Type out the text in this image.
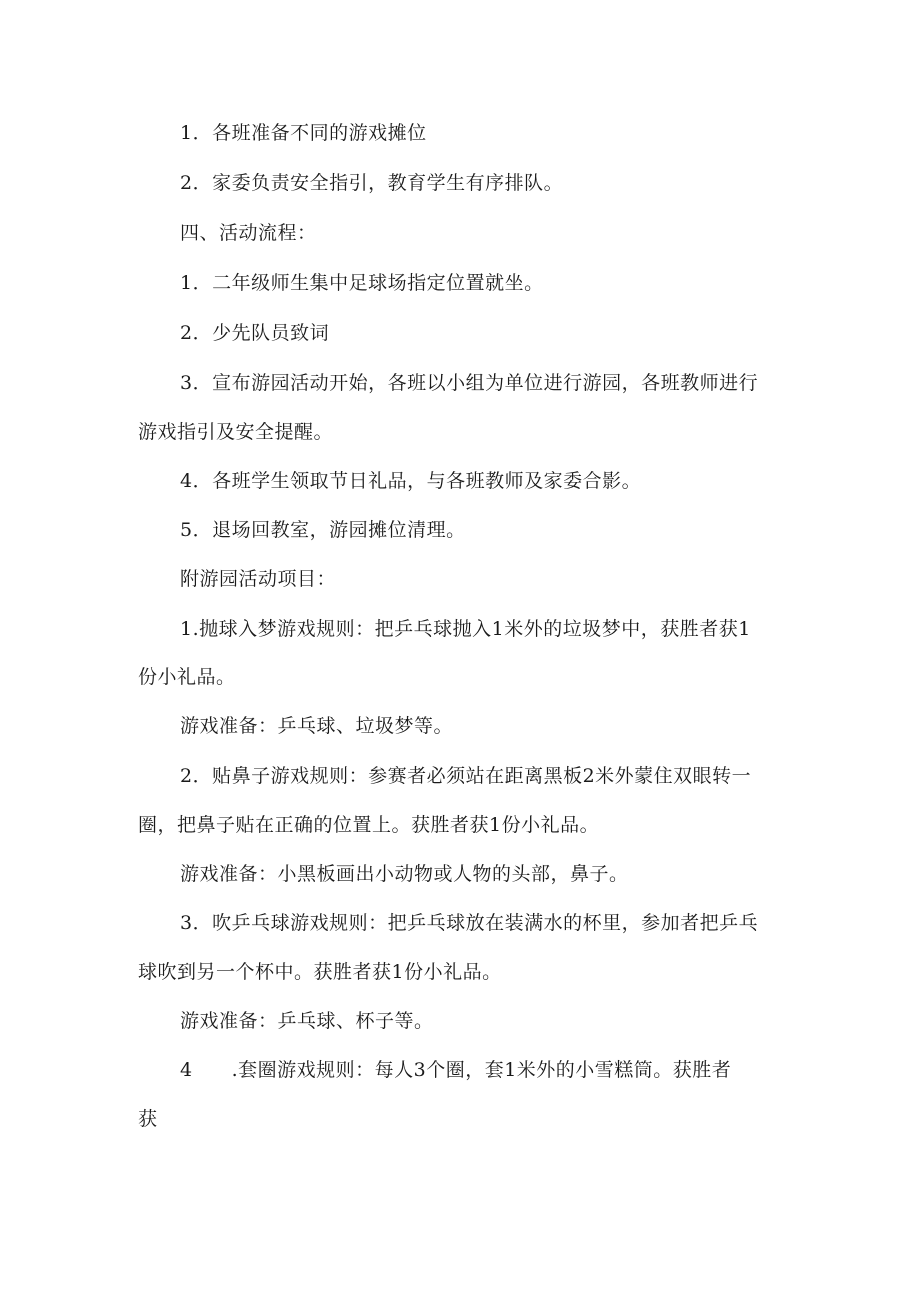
1．各班准备不同的游戏摊位
2．家委负责安全指引，教育学生有序排队。
四、活动流程：
1．二年级师生集中足球场指定位置就坐。
2．少先队员致词
3．宣布游园活动开始，各班以小组为单位进行游园，各班教师进行
游戏指引及安全提醒。
4．各班学生领取节日礼品，与各班教师及家委合影。
5．退场回教室，游园摊位清理。
附游园活动项目：
1.抛球入梦游戏规则：把乒乓球抛入1米外的垃圾梦中，获胜者获1
份小礼品。
游戏准备：乒乓球、垃圾梦等。
2．贴鼻子游戏规则：参赛者必须站在距离黑板2米外蒙住双眼转一
圈，把鼻子贴在正确的位置上。获胜者获1份小礼品。
游戏准备：小黑板画出小动物或人物的头部，鼻子。
3．吹乒乓球游戏规则：把乒乓球放在装满水的杯里，参加者把乒乓
球吹到另一个杯中。获胜者获1份小礼品。
游戏准备：乒乓球、杯子等。
4　　.套圈游戏规则：每人3个圈，套1米外的小雪糕筒。获胜者
获
